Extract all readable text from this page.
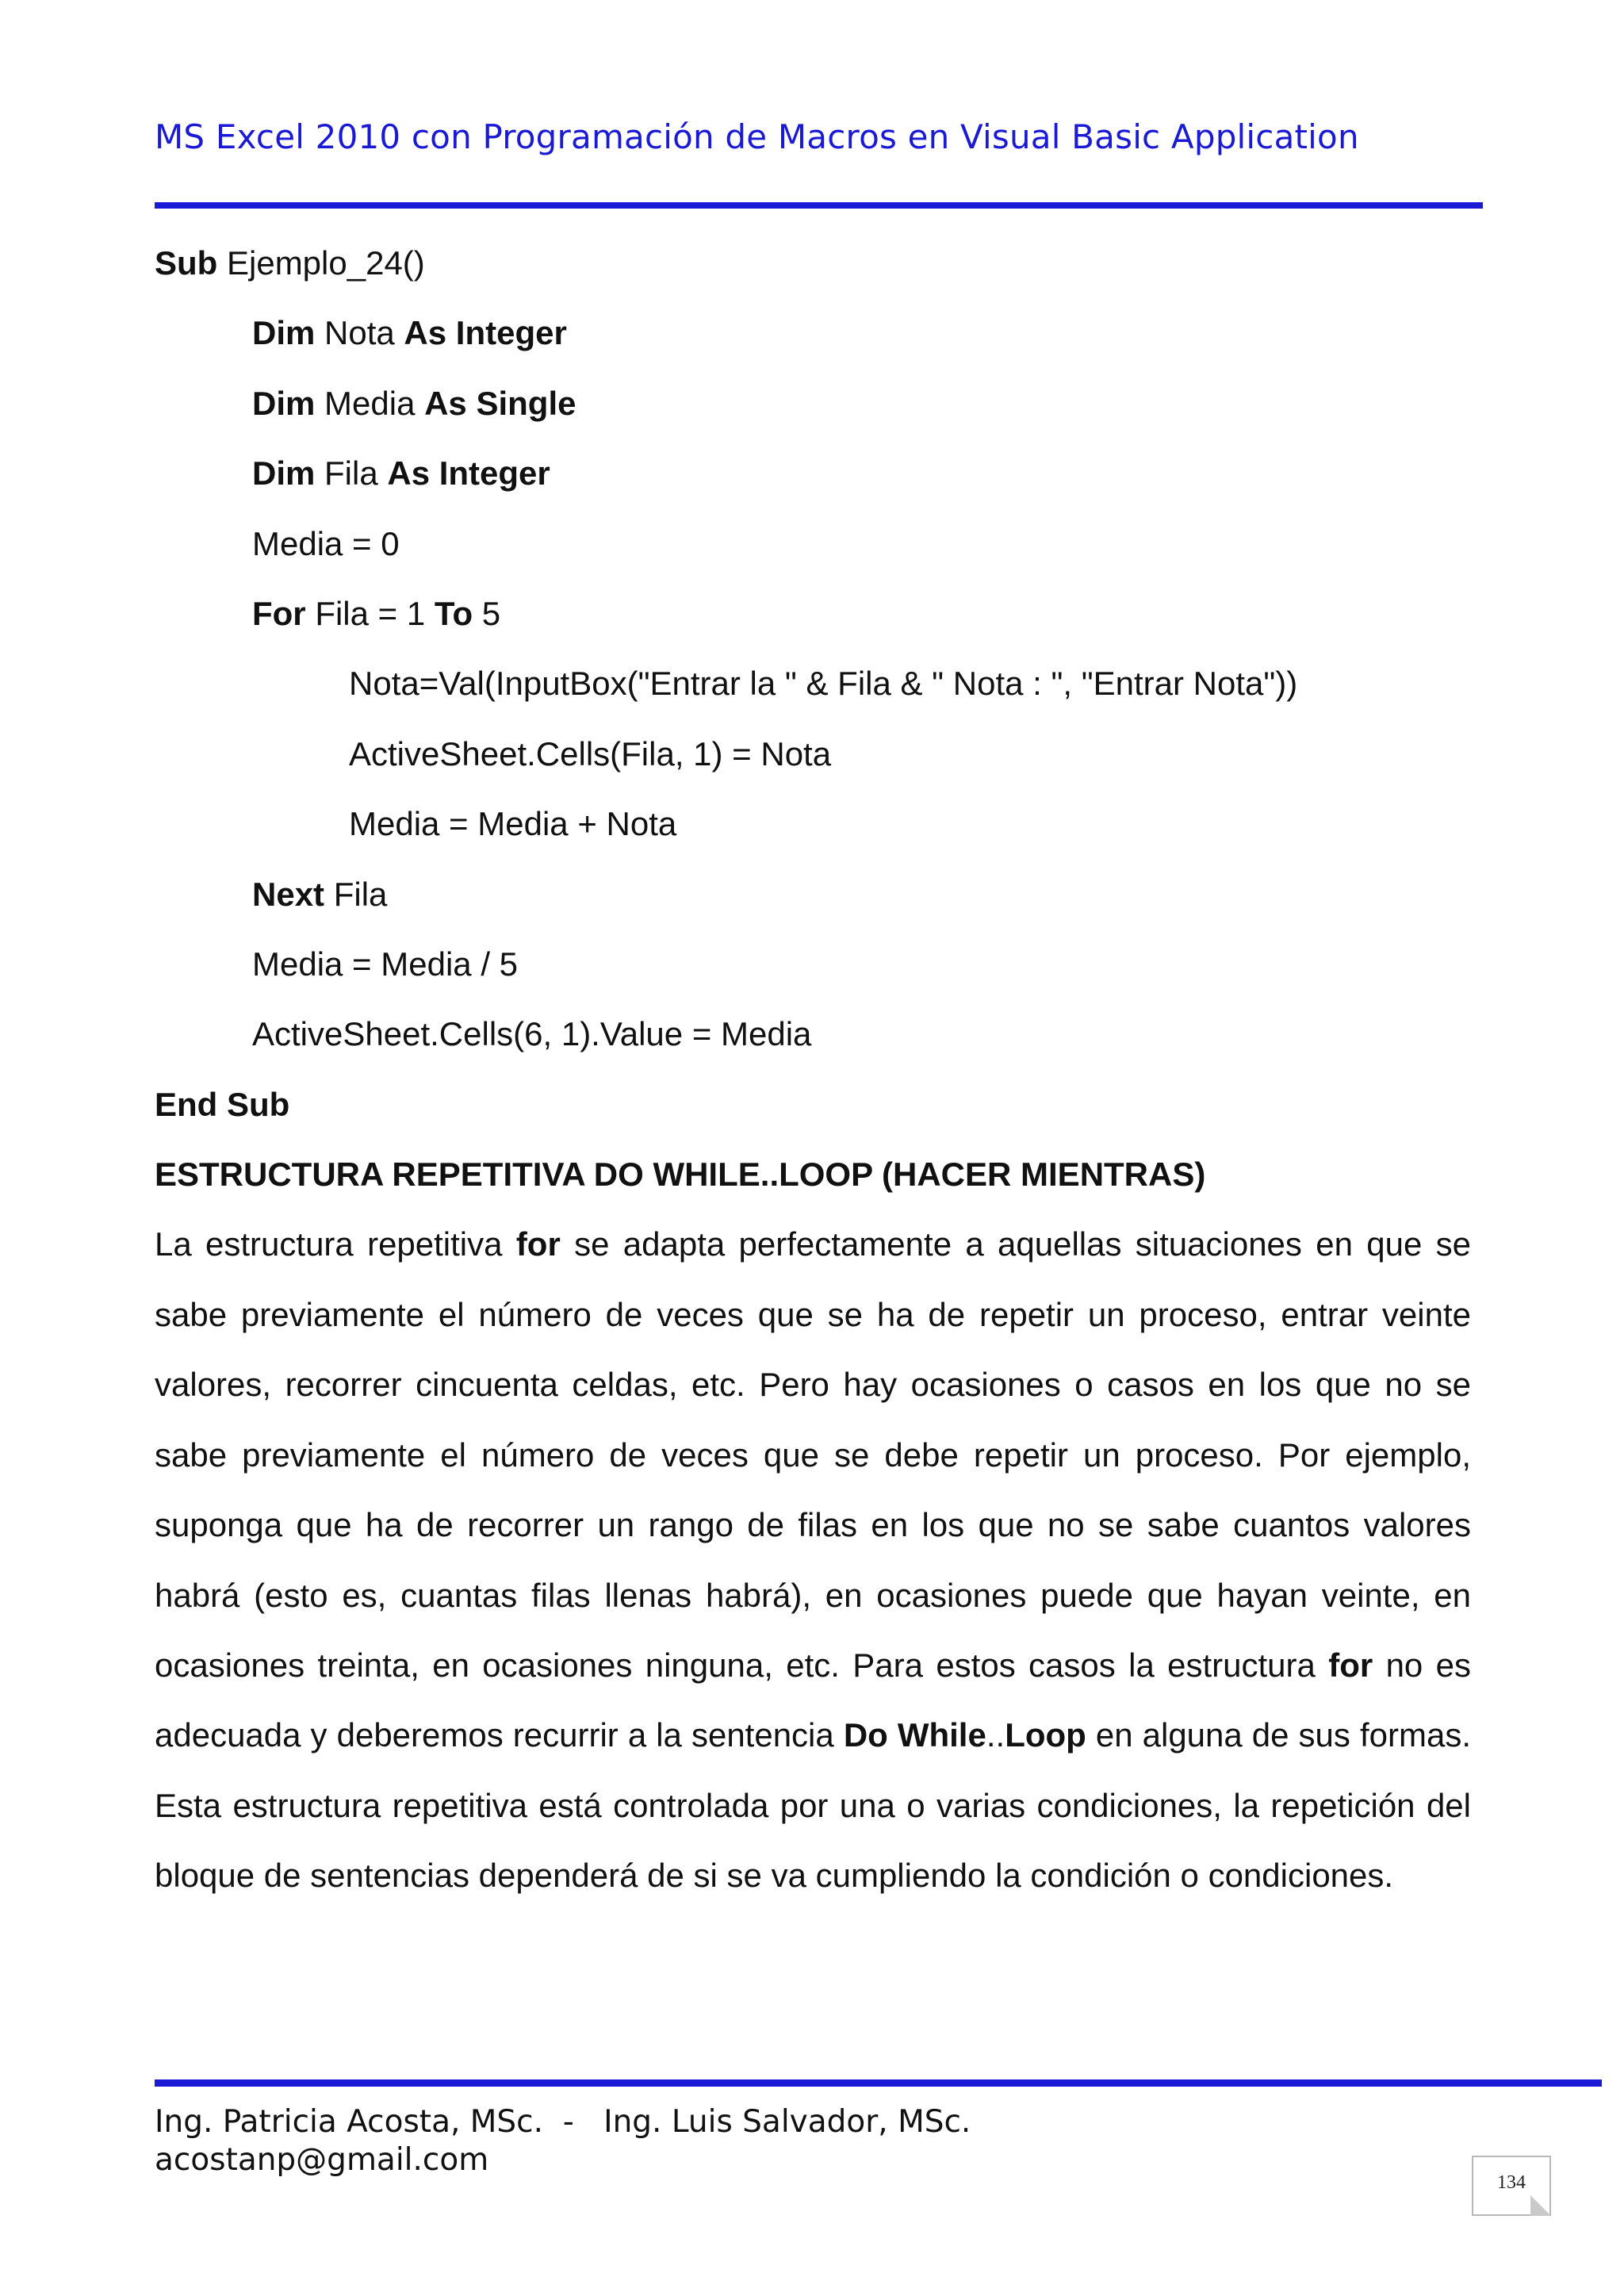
MS Excel 2010 con Programación de Macros en Visual Basic Application
Sub Ejemplo_24()
Dim Nota As Integer
Dim Media As Single
Dim Fila As Integer
Media = 0
For Fila = 1 To 5
Nota=Val(InputBox("Entrar la " & Fila & " Nota : ", "Entrar Nota"))
ActiveSheet.Cells(Fila, 1) = Nota
Media = Media + Nota
Next Fila
Media = Media / 5
ActiveSheet.Cells(6, 1).Value = Media
End Sub
ESTRUCTURA REPETITIVA DO WHILE..LOOP (HACER MIENTRAS)

La estructura repetitiva for se adapta perfectamente a aquellas situaciones en que se sabe previamente el número de veces que se ha de repetir un proceso, entrar veinte valores, recorrer cincuenta celdas, etc. Pero hay ocasiones o casos en los que no se sabe previamente el número de veces que se debe repetir un proceso. Por ejemplo, suponga que ha de recorrer un rango de filas en los que no se sabe cuantos valores habrá (esto es, cuantas filas llenas habrá), en ocasiones puede que hayan veinte, en ocasiones treinta, en ocasiones ninguna, etc. Para estos casos la estructura for no es adecuada y deberemos recurrir a la sentencia Do While..Loop en alguna de sus formas. Esta estructura repetitiva está controlada por una o varias condiciones, la repetición del bloque de sentencias dependerá de si se va cumpliendo la condición o condiciones.

Ing. Patricia Acosta, MSc.  -   Ing. Luis Salvador, MSc.
acostanp@gmail.com
134
